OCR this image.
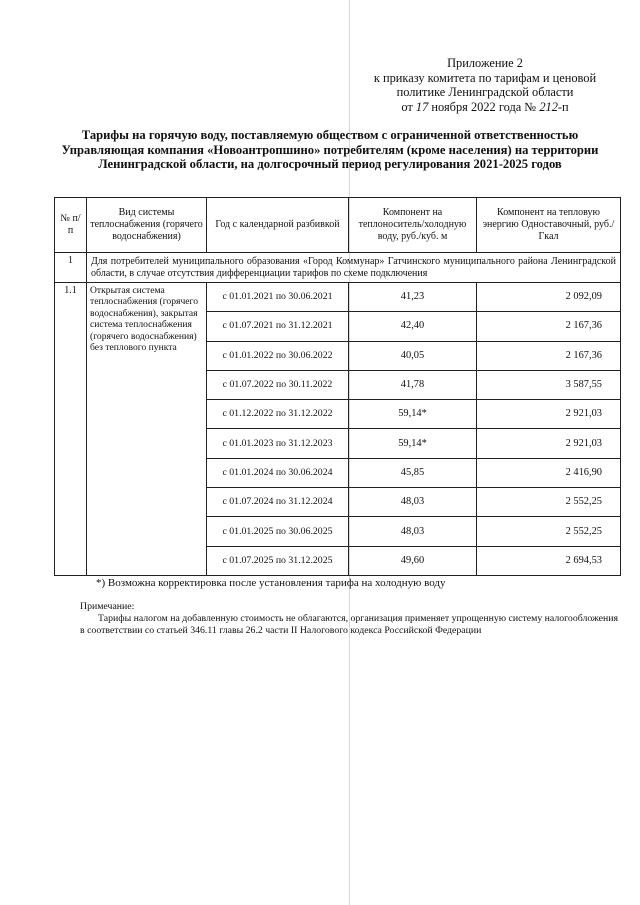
Приложение 2
к приказу комитета по тарифам и ценовой
политике Ленинградской области
от 17 ноября 2022 года № 212-п
Тарифы на горячую воду, поставляемую обществом с ограниченной ответственностью Управляющая компания «Новоантропшино» потребителям (кроме населения) на территории Ленинградской области, на долгосрочный период регулирования 2021-2025 годов
№ п/п	Вид системы теплоснабжения (горячего водоснабжения)	Год с календарной разбивкой	Компонент на теплоноситель/холодную воду, руб./куб. м	Компонент на тепловую энергию Одноставочный, руб./Гкал
1	Для потребителей муниципального образования «Город Коммунар» Гатчинского муниципального района Ленинградской области, в случае отсутствия дифференциации тарифов по схеме подключения			
1.1	Открытая система теплоснабжения (горячего водоснабжения), закрытая система теплоснабжения (горячего водоснабжения) без теплового пункта	с 01.01.2021 по 30.06.2021	41,23	2 092,09
		с 01.07.2021 по 31.12.2021	42,40	2 167,36
		с 01.01.2022 по 30.06.2022	40,05	2 167,36
		с 01.07.2022 по 30.11.2022	41,78	3 587,55
		с 01.12.2022 по 31.12.2022	59,14*	2 921,03
		с 01.01.2023 по 31.12.2023	59,14*	2 921,03
		с 01.01.2024 по 30.06.2024	45,85	2 416,90
		с 01.07.2024 по 31.12.2024	48,03	2 552,25
		с 01.01.2025 по 30.06.2025	48,03	2 552,25
		с 01.07.2025 по 31.12.2025	49,60	2 694,53
*) Возможна корректировка после установления тарифа на холодную воду
Примечание:
Тарифы налогом на добавленную стоимость не облагаются, организация применяет упрощенную систему налогообложения в соответствии со статьей 346.11 главы 26.2 части II Налогового кодекса Российской Федерации
